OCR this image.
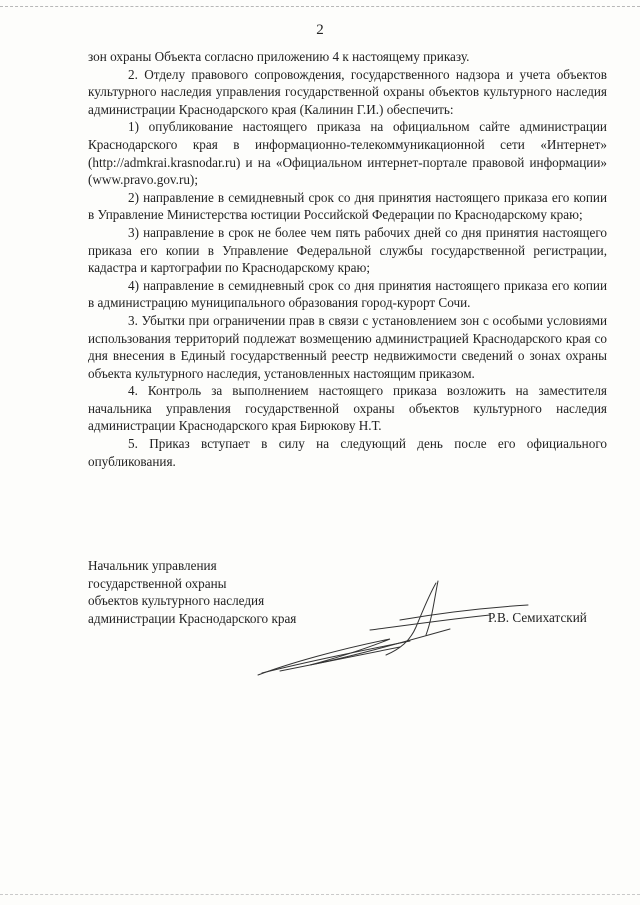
2

зон охраны Объекта согласно приложению 4 к настоящему приказу.

2. Отделу правового сопровождения, государственного надзора и учета объектов культурного наследия управления государственной охраны объектов культурного наследия администрации Краснодарского края (Калинин Г.И.) обеспечить:

1) опубликование настоящего приказа на официальном сайте администрации Краснодарского края в информационно-телекоммуникационной сети «Интернет» (http://admkrai.krasnodar.ru) и на «Официальном интернет-портале правовой информации» (www.pravo.gov.ru);

2) направление в семидневный срок со дня принятия настоящего приказа его копии в Управление Министерства юстиции Российской Федерации по Краснодарскому краю;

3) направление в срок не более чем пять рабочих дней со дня принятия настоящего приказа его копии в Управление Федеральной службы государственной регистрации, кадастра и картографии по Краснодарскому краю;

4) направление в семидневный срок со дня принятия настоящего приказа его копии в администрацию муниципального образования город-курорт Сочи.

3. Убытки при ограничении прав в связи с установлением зон с особыми условиями использования территорий подлежат возмещению администрацией Краснодарского края со дня внесения в Единый государственный реестр недвижимости сведений о зонах охраны объекта культурного наследия, установленных настоящим приказом.

4. Контроль за выполнением настоящего приказа возложить на заместителя начальника управления государственной охраны объектов культурного наследия администрации Краснодарского края Бирюкову Н.Т.

5. Приказ вступает в силу на следующий день после его официального опубликования.

Начальник управления
государственной охраны
объектов культурного наследия
администрации Краснодарского края	Р.В. Семихатский
